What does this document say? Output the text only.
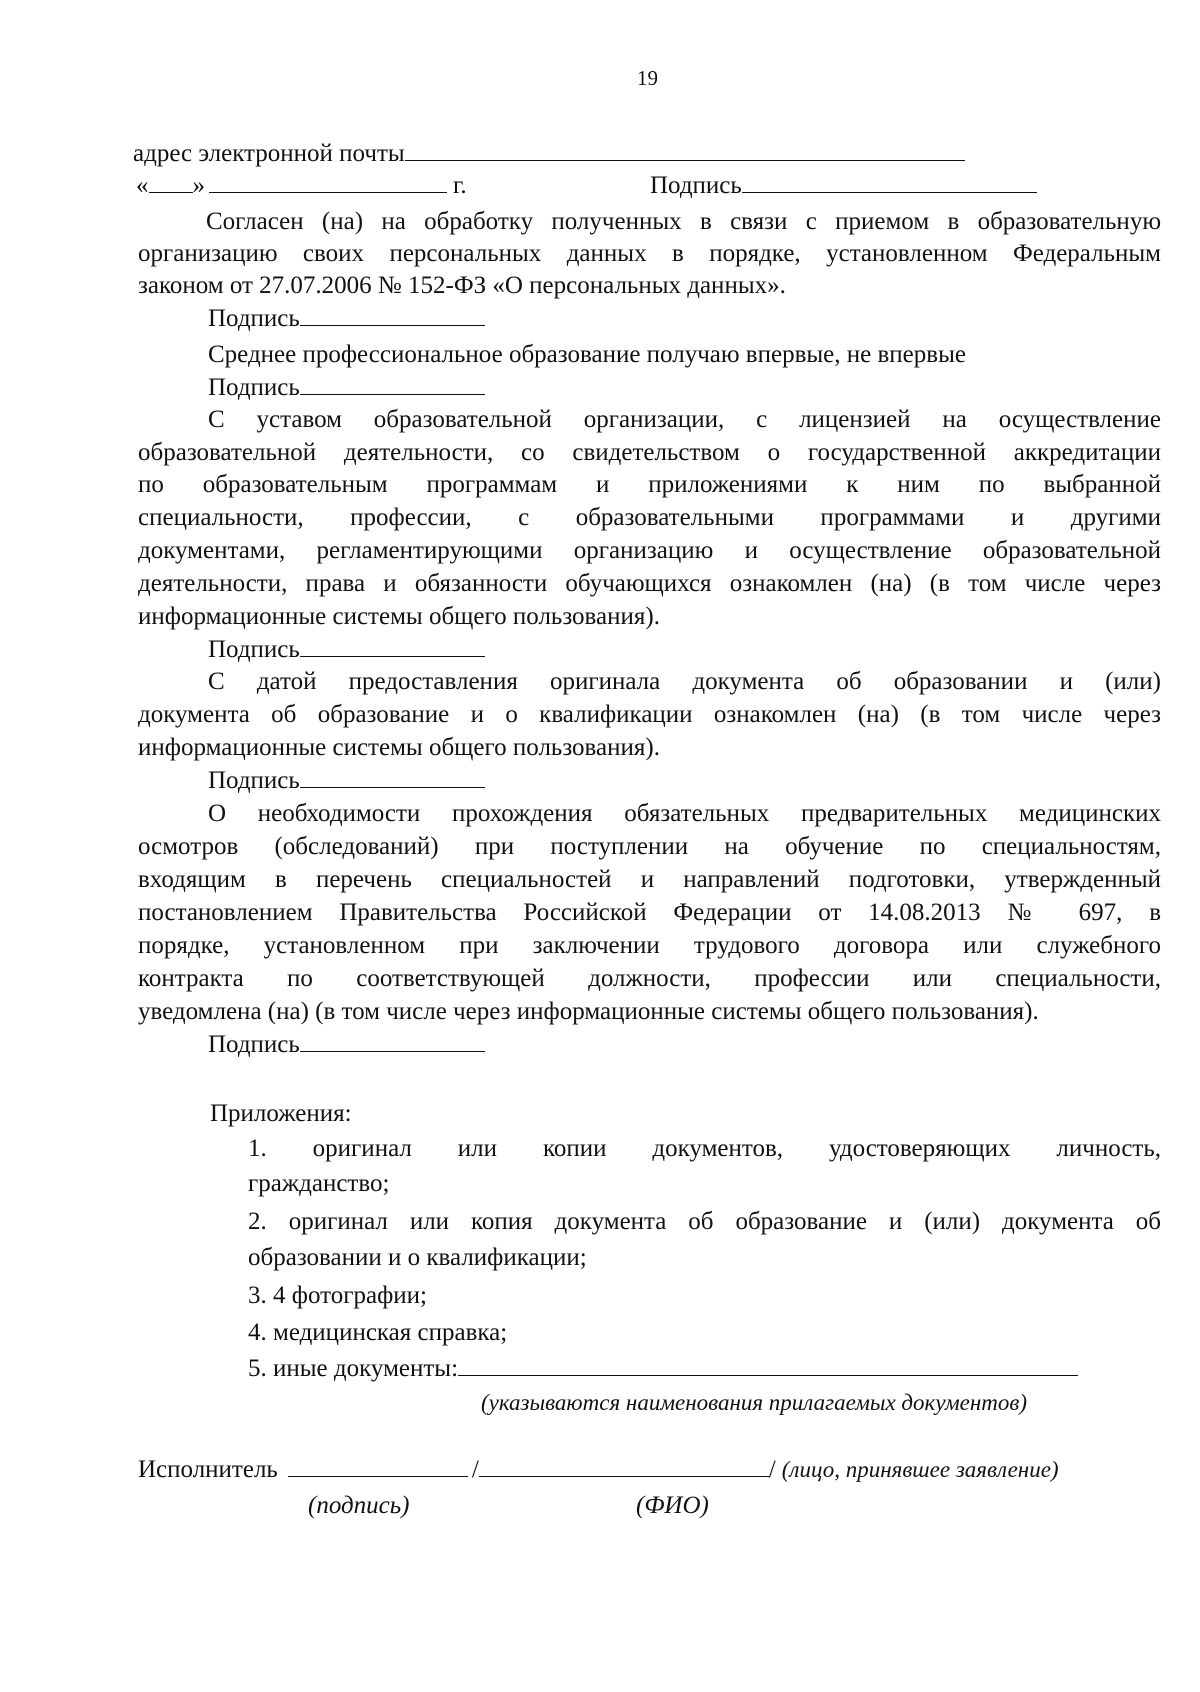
19
адрес электронной почты
« »	г.	Подпись
Согласен (на) на обработку полученных в связи с приемом в образовательную
организацию своих персональных данных в порядке, установленном Федеральным
законом от 27.07.2006 № 152-ФЗ «О персональных данных».
Подпись
Среднее профессиональное образование получаю впервые, не впервые
Подпись
С уставом образовательной организации, с лицензией на осуществление
образовательной деятельности, со свидетельством о государственной аккредитации
по образовательным программам и приложениями к ним по выбранной
специальности, профессии, с образовательными программами и другими
документами, регламентирующими организацию и осуществление образовательной
деятельности, права и обязанности обучающихся ознакомлен (на) (в том числе через
информационные системы общего пользования).
Подпись
С датой предоставления оригинала документа об образовании и (или)
документа об образование и о квалификации ознакомлен (на) (в том числе через
информационные системы общего пользования).
Подпись
О необходимости прохождения обязательных предварительных медицинских
осмотров (обследований) при поступлении на обучение по специальностям,
входящим в перечень специальностей и направлений подготовки, утвержденный
постановлением Правительства Российской Федерации от 14.08.2013 № 697, в
порядке, установленном при заключении трудового договора или служебного
контракта по соответствующей должности, профессии или специальности,
уведомлена (на) (в том числе через информационные системы общего пользования).
Подпись
Приложения:
1. оригинал или копии документов, удостоверяющих личность,
гражданство;
2. оригинал или копия документа об образование и (или) документа об
образовании и о квалификации;
3. 4 фотографии;
4. медицинская справка;
5. иные документы:
(указываются наименования прилагаемых документов)
Исполнитель	/	/ (лицо, принявшее заявление)
(подпись)	(ФИО)
